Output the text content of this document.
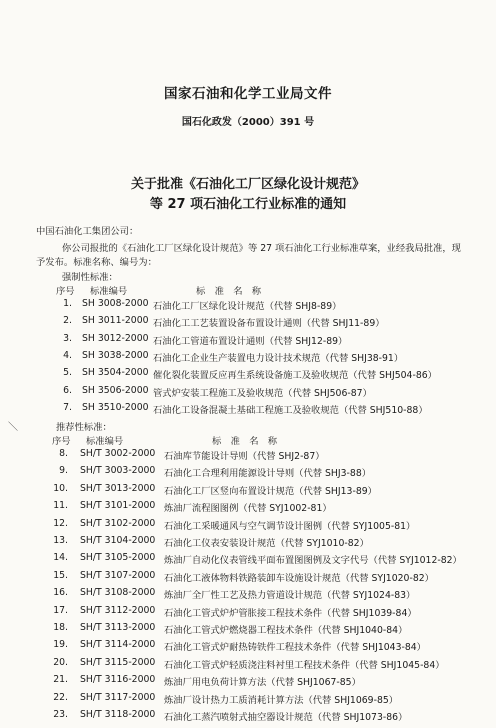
国家石油和化学工业局文件
国石化政发（2000）391 号
关于批准《石油化工厂区绿化设计规范》
等 27 项石油化工行业标准的通知
中国石油化工集团公司：
你公司报批的《石油化工厂区绿化设计规范》等 27 项石油化工行业标准草案，业经我局批准，现
予发布。标准名称、编号为：
强制性标准：
序号 标准编号	标　准　名　称
1. SH 3008-2000 石油化工厂区绿化设计规范（代替 SHJ8-89）
2. SH 3011-2000 石油化工工艺装置设备布置设计通则（代替 SHJ11-89）
3. SH 3012-2000 石油化工管道布置设计通则（代替 SHJ12-89）
4. SH 3038-2000 石油化工企业生产装置电力设计技术规范（代替 SHJ38-91）
5. SH 3504-2000 催化裂化装置反应再生系统设备施工及验收规范（代替 SHJ504-86）
6. SH 3506-2000 管式炉安装工程施工及验收规范（代替 SHJ506-87）
7. SH 3510-2000 石油化工设备混凝土基础工程施工及验收规范（代替 SHJ510-88）
＼	推荐性标准：
序号 标准编号	标　准　名　称
8. SH/T 3002-2000 石油库节能设计导则（代替 SHJ2-87）
9. SH/T 3003-2000 石油化工合理利用能源设计导则（代替 SHJ3-88）
10. SH/T 3013-2000 石油化工厂区竖向布置设计规范（代替 SHJ13-89）
11. SH/T 3101-2000 炼油厂流程图图例（代替 SYJ1002-81）
12. SH/T 3102-2000 石油化工采暖通风与空气调节设计图例（代替 SYJ1005-81）
13. SH/T 3104-2000 石油化工仪表安装设计规范（代替 SYJ1010-82）
14. SH/T 3105-2000 炼油厂自动化仪表管线平面布置图图例及文字代号（代替 SYJ1012-82）
15. SH/T 3107-2000 石油化工液体物料铁路装卸车设施设计规范（代替 SYJ1020-82）
16. SH/T 3108-2000 炼油厂全厂性工艺及热力管道设计规范（代替 SYJ1024-83）
17. SH/T 3112-2000 石油化工管式炉炉管胀接工程技术条件（代替 SHJ1039-84）
18. SH/T 3113-2000 石油化工管式炉燃烧器工程技术条件（代替 SHJ1040-84）
19. SH/T 3114-2000 石油化工管式炉耐热铸铁件工程技术条件（代替 SHJ1043-84）
20. SH/T 3115-2000 石油化工管式炉轻质浇注料衬里工程技术条件（代替 SHJ1045-84）
21. SH/T 3116-2000 炼油厂用电负荷计算方法（代替 SHJ1067-85）
22. SH/T 3117-2000 炼油厂设计热力工质消耗计算方法（代替 SHJ1069-85）
23. SH/T 3118-2000 石油化工蒸汽喷射式抽空器设计规范（代替 SHJ1073-86）
